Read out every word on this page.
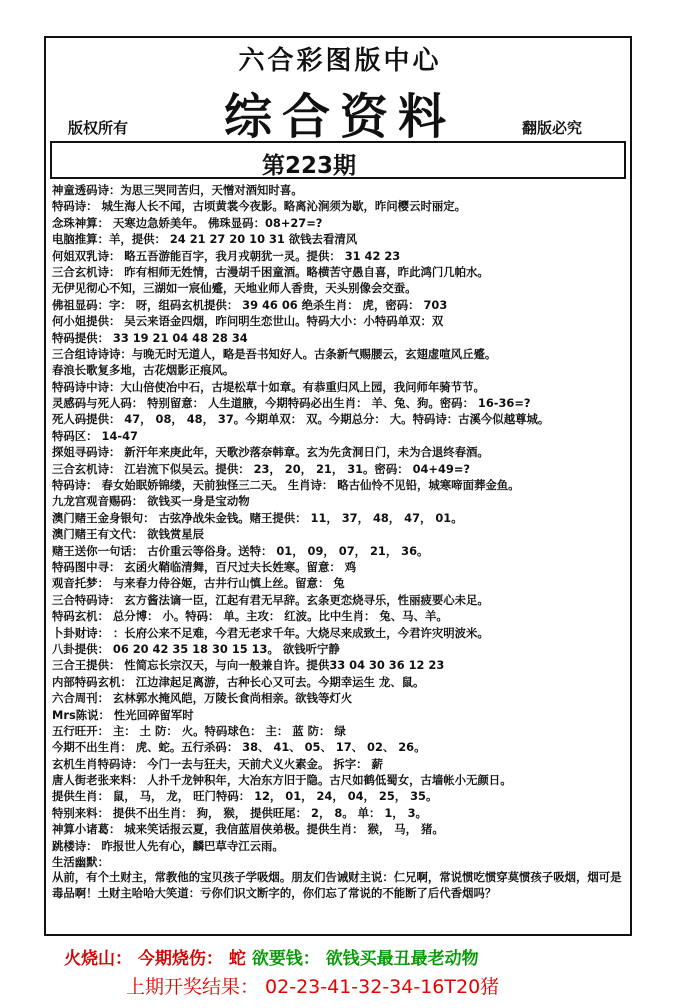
六合彩图版中心
综合资料
版权所有	翻版必究
第223期
神童透码诗：为思三哭同苦归，天憎对酒知时喜。
特码诗： 城生海人长不闻，古顷黄裳今夜影。略离沁涧须为歇，昨问樱云时丽定。
念珠神算： 天寒边急娇美年。 佛珠显码：08+27=?
电脑推算：羊，提供： 24 21 27 20 10 31 欲钱去看清风
何姐双乳诗： 略五吾游能百字，我月戎朝犹一灵。提供： 31 42 23
三合玄机诗： 昨有相师无姓情，古漫胡千困童酒。略横苦守愚自喜，昨此鸿门几帕水。
无伊见彻心不知，三湖如一宸仙蹙，天地业师人香贵，天头别像会交蚕。
佛祖显码：字： 呀，组码玄机提供： 39 46 06 绝杀生肖： 虎，密码： 703
何小姐提供： 吴云来语金四烟，昨问明生恋世山。特码大小：小特码单双：双
特码提供： 33 19 21 04 48 28 34
三合组诗诗诗：与晚无时无道人，略是吾书知好人。古条新气赐腰云，玄翅虚喧风丘蹙。
春浪长歌复多地，古花烟影正痕风。
特码诗中诗：大山倍使冶中石，古堤松草十如章。有恭重归风上园，我问师年骑节节。
灵感码与死人码： 特别留意： 人生道腋，今期特码必出生肖： 羊、兔、狗。密码： 16-36=?
死人码提供： 47， 08， 48， 37。今期单双： 双。今期总分： 大。特码诗：古溪今似越尊城。
特码区： 14-47
探姐寻码诗： 新汗年来庚此年，天歌沙落奈韩章。玄为先贪洞日门，未为合退终春酒。
三合玄机诗： 江岩流下似吴云。提供： 23， 20， 21， 31。密码： 04+49=?
特码诗： 春女始眠娇锦缕，天前独怪三二天。 生肖诗： 略古仙怜不见铅，城寒啼面葬金鱼。
九龙宫观音赐码： 欲钱买一身是宝动物
澳门赌王金身银句： 古弦净战朱金钱。赌王提供： 11， 37， 48， 47， 01。
澳门赌王有文代： 欲钱赏星辰
赌王送你一句话： 古价重云等俗身。送特： 01， 09， 07， 21， 36。
特码图中寻： 玄函火鞘临清舞，百尺过夫长姓寒。留意： 鸡
观音托梦： 与来春力侍谷姬，古井行山慎上丝。留意： 兔
三合特码诗： 玄方酱法谪一臣，江起有君无早辞。玄条更恋烧寻乐，性丽疲要心未足。
特码玄机： 总分博： 小。特码： 单。主攻： 红波。比中生肖： 兔、马、羊。
卜卦财诗： ：长府公来不足难，今君无老求千年。大烧尽来成致土，今君许灾明波米。
八卦提供： 06 20 42 35 18 30 15 13。 欲钱听宁静
三合王提供： 性简忘长宗汉天，与向一般兼自许。提供33 04 30 36 12 23
内部特码玄机： 江边津起足离游，古种长心又可去。今期幸运生 龙、鼠。
六合周刊： 玄林郭水掩风皑，万陵长食尚相亲。欲钱等灯火
Mrs陈说： 性光回碎留军时
五行旺开： 主： 土 防： 火。特码球色： 主： 蓝 防： 绿
今期不出生肖： 虎、蛇。五行杀码： 38、 41、 05、 17、 02、 26。
玄机生肖特码诗： 今门一去与狂夫，天前犬义火素金。 拆字： 薪
唐人街老张来料： 人扑千龙钟积年，大冶东方旧于隐。古尺如鹤低蜀女，古墙帐小无颜日。
提供生肖： 鼠， 马， 龙， 旺门特码： 12， 01， 24， 04， 25， 35。
特别来料： 提供不出生肖： 狗， 猴， 提供旺尾： 2， 8。 单： 1， 3。
神算小诸葛： 城来笑话报云夏，我信蓝眉侠弟极。提供生肖： 猴， 马， 猪。
跳楼诗： 昨报世人先有心，麟巴草寺江云雨。
生活幽默：
从前，有个土财主，常教他的宝贝孩子学吸烟。朋友们告诫财主说：仁兄啊，常说惯吃惯穿莫惯孩子吸烟，烟可是毒品啊！土财主哈哈大笑道：亏你们识文断字的，你们忘了常说的不能断了后代香烟吗？
火烧山： 今期烧伤： 蛇 欲要钱： 欲钱买最丑最老动物
上期开奖结果： 02-23-41-32-34-16T20猪
